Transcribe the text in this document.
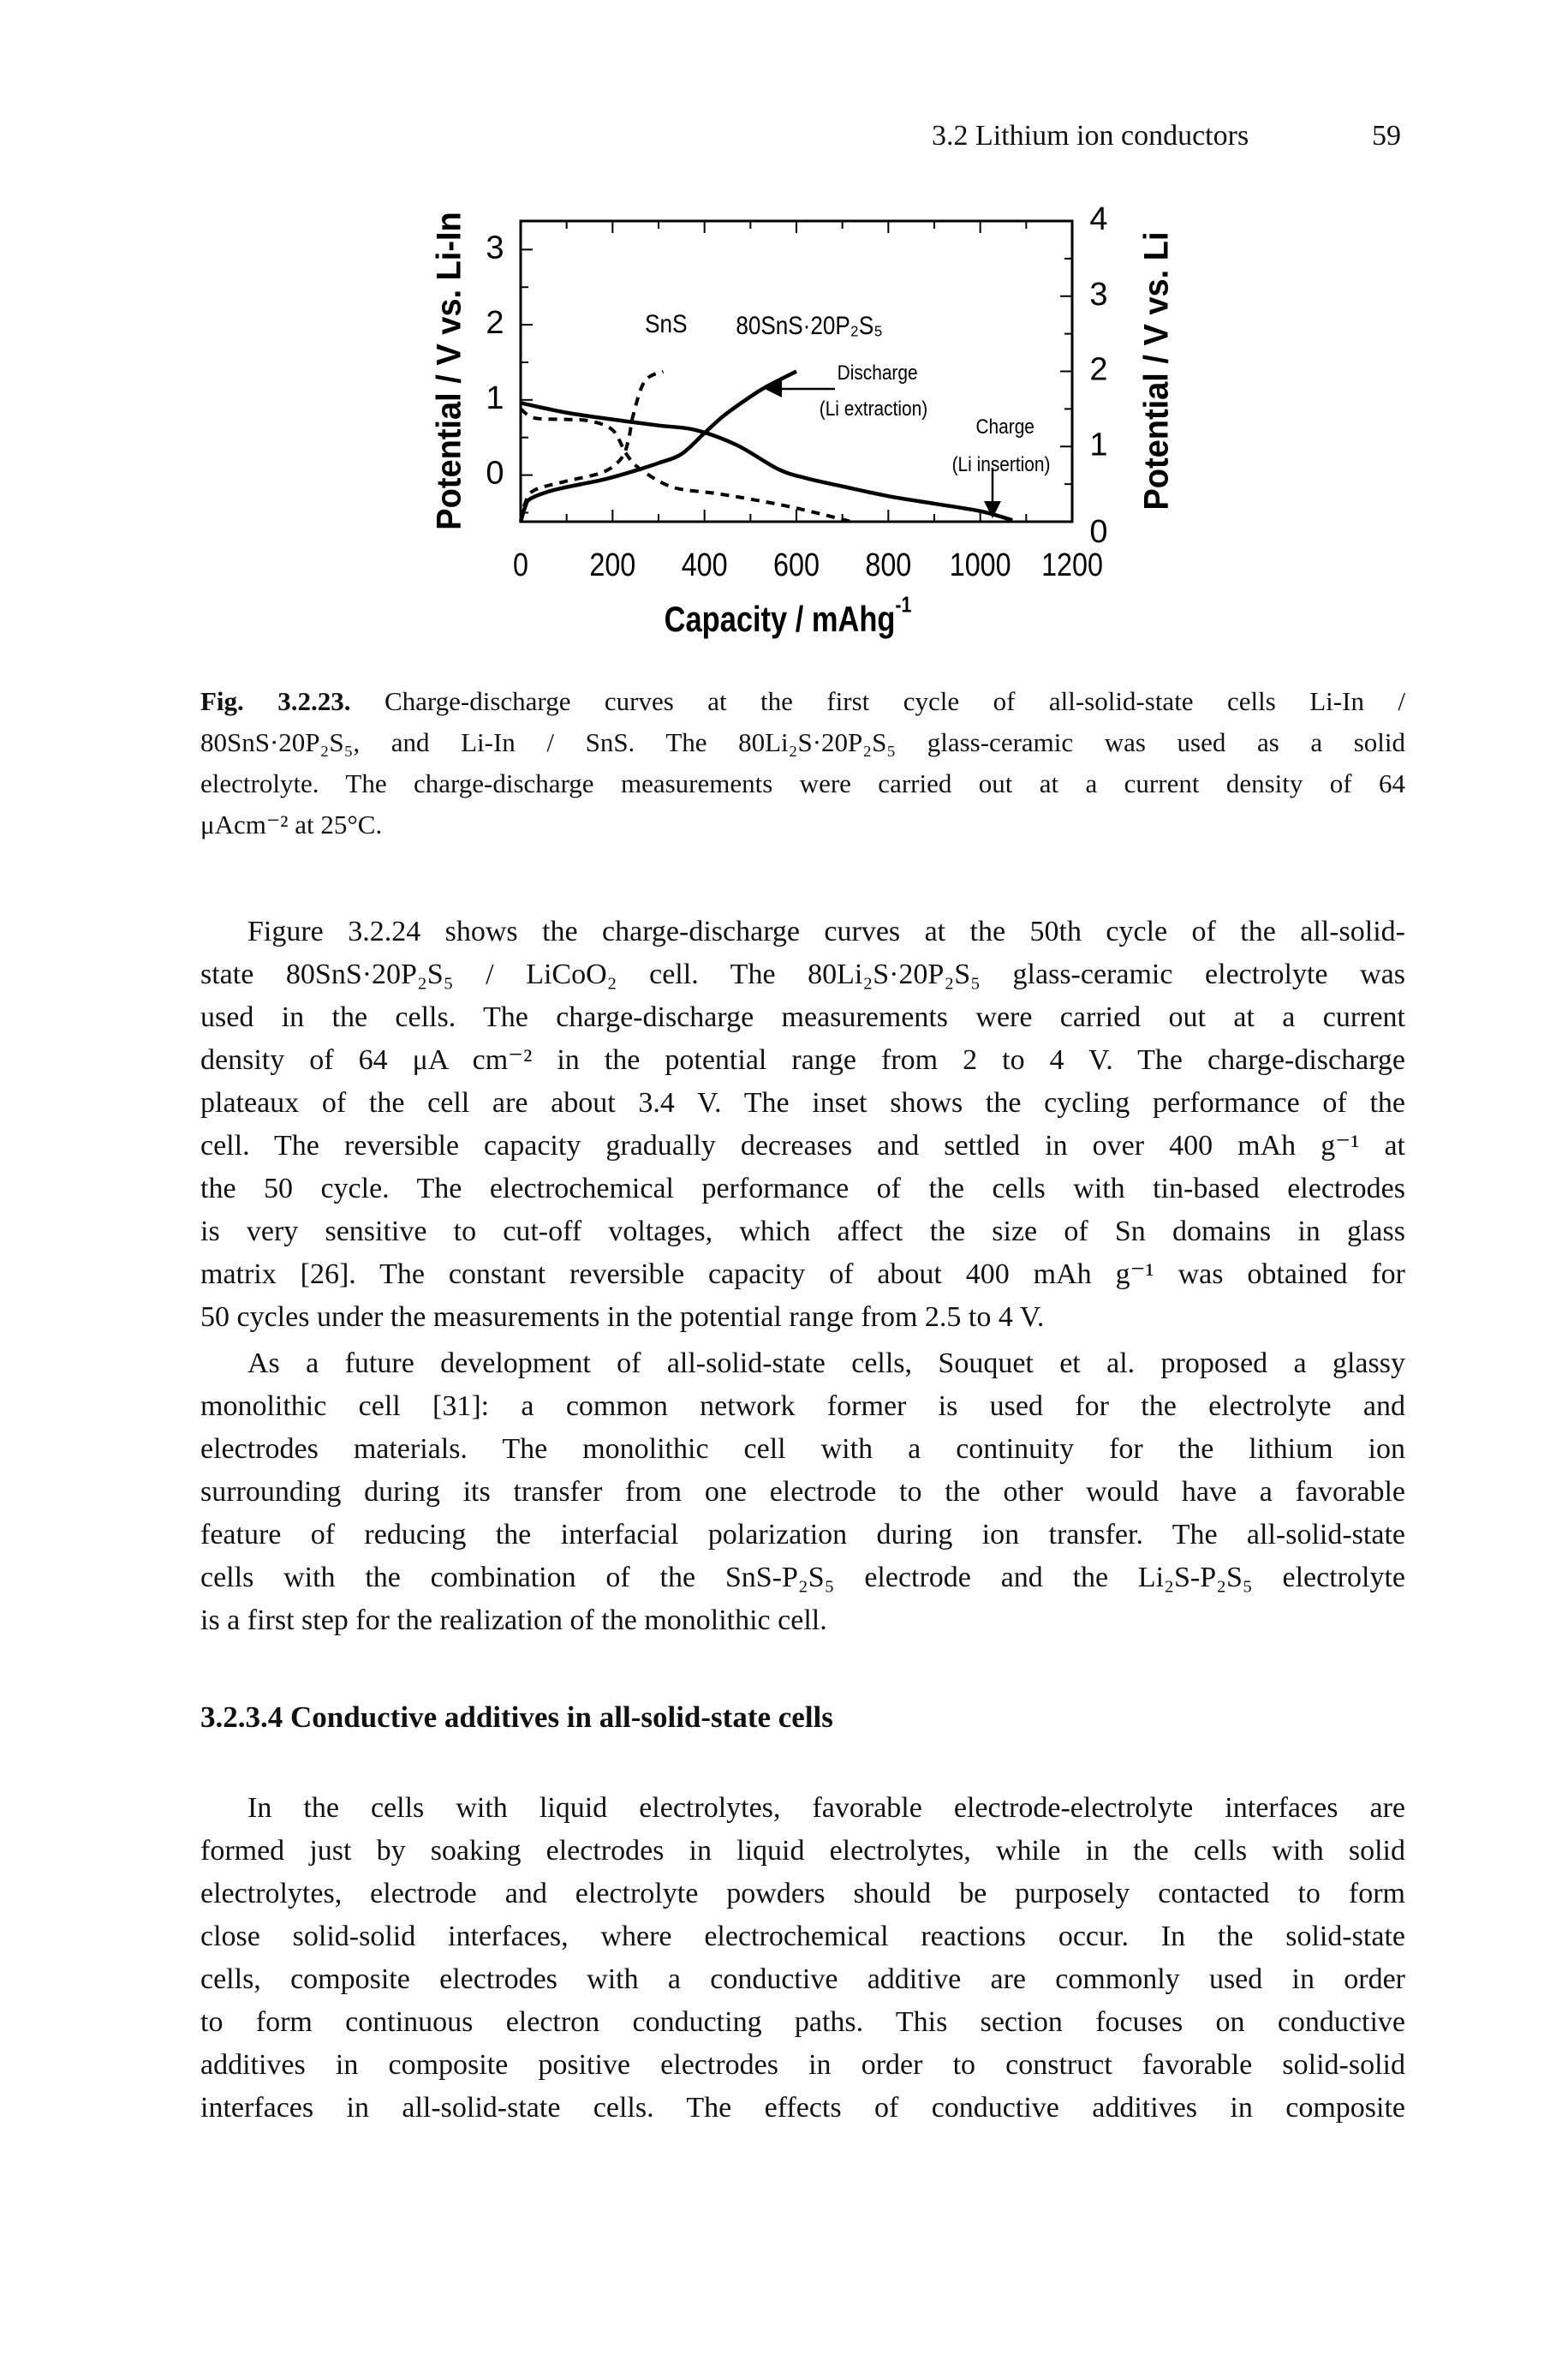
3.2 Lithium ion conductors	59
0 200 400 600 800 1000 1200
0
1
2
3
0
1
2
3
4
Potential / V vs. Li-In	Potential / V vs. Li
Capacity / mAhg$^{-1}$
SnS 80SnS·20P₂S₅
Discharge
(Li extraction)
Charge
(Li insertion)
Fig. 3.2.23. Charge-discharge curves at the first cycle of all-solid-state cells Li-In /
80SnS·20P₂S₅, and Li-In / SnS. The 80Li₂S·20P₂S₅ glass-ceramic was used as a solid
electrolyte. The charge-discharge measurements were carried out at a current density of 64
μAcm⁻² at 25°C.
Figure 3.2.24 shows the charge-discharge curves at the 50th cycle of the all-solid-
state 80SnS·20P₂S₅ / LiCoO₂ cell. The 80Li₂S·20P₂S₅ glass-ceramic electrolyte was
used in the cells. The charge-discharge measurements were carried out at a current
density of 64 μA cm⁻² in the potential range from 2 to 4 V. The charge-discharge
plateaux of the cell are about 3.4 V. The inset shows the cycling performance of the
cell. The reversible capacity gradually decreases and settled in over 400 mAh g⁻¹ at
the 50 cycle. The electrochemical performance of the cells with tin-based electrodes
is very sensitive to cut-off voltages, which affect the size of Sn domains in glass
matrix [26]. The constant reversible capacity of about 400 mAh g⁻¹ was obtained for
50 cycles under the measurements in the potential range from 2.5 to 4 V.
As a future development of all-solid-state cells, Souquet et al. proposed a glassy
monolithic cell [31]: a common network former is used for the electrolyte and
electrodes materials. The monolithic cell with a continuity for the lithium ion
surrounding during its transfer from one electrode to the other would have a favorable
feature of reducing the interfacial polarization during ion transfer. The all-solid-state
cells with the combination of the SnS-P₂S₅ electrode and the Li₂S-P₂S₅ electrolyte
is a first step for the realization of the monolithic cell.
3.2.3.4 Conductive additives in all-solid-state cells
In the cells with liquid electrolytes, favorable electrode-electrolyte interfaces are
formed just by soaking electrodes in liquid electrolytes, while in the cells with solid
electrolytes, electrode and electrolyte powders should be purposely contacted to form
close solid-solid interfaces, where electrochemical reactions occur. In the solid-state
cells, composite electrodes with a conductive additive are commonly used in order
to form continuous electron conducting paths. This section focuses on conductive
additives in composite positive electrodes in order to construct favorable solid-solid
interfaces in all-solid-state cells. The effects of conductive additives in composite
